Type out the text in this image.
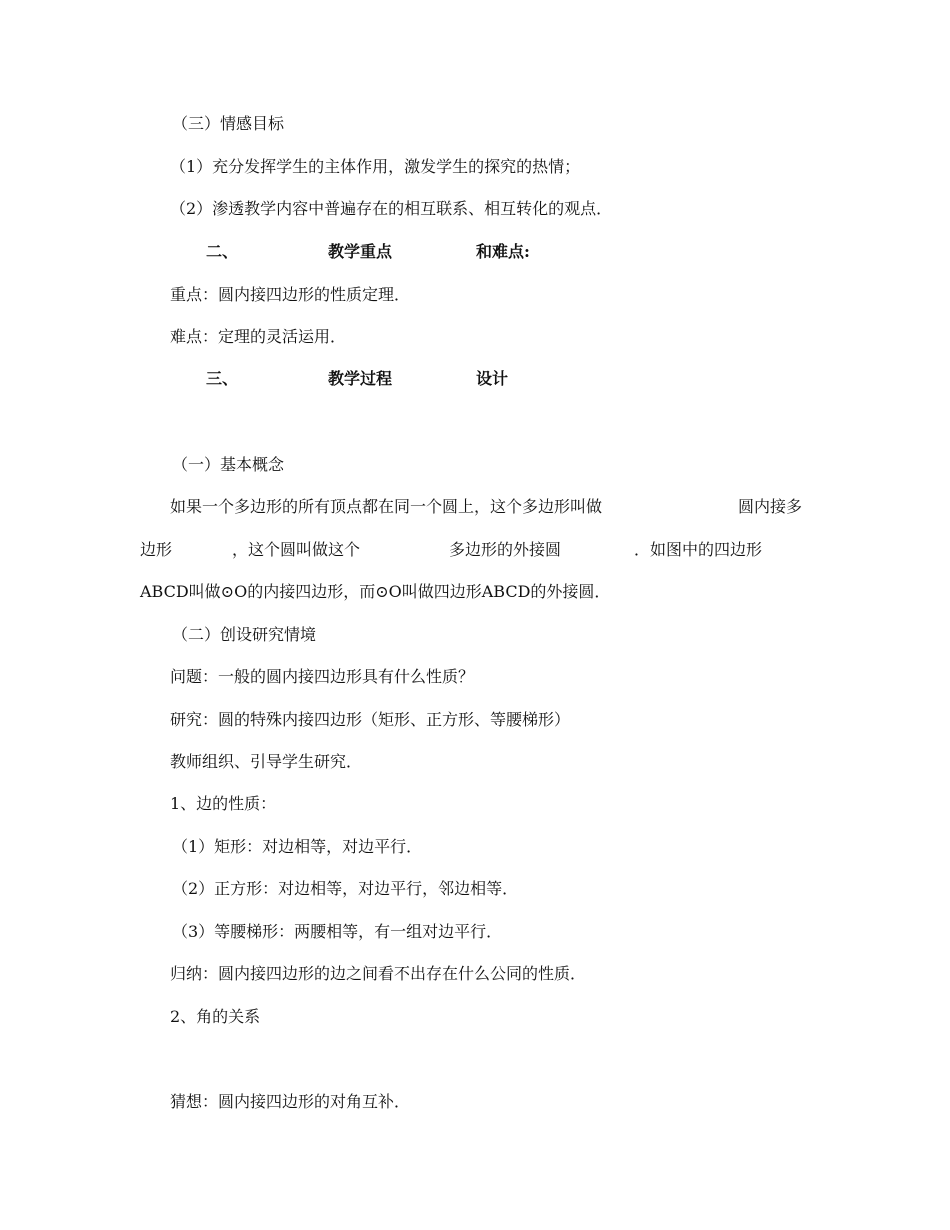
（三）情感目标
（1）充分发挥学生的主体作用，激发学生的探究的热情；
（2）渗透教学内容中普遍存在的相互联系、相互转化的观点．
二、	教学重点	和难点:
重点：圆内接四边形的性质定理．
难点：定理的灵活运用．
三、	教学过程	设计
（一）基本概念
如果一个多边形的所有顶点都在同一个圆上，这个多边形叫做	圆内接多
边形	，这个圆叫做这个	多边形的外接圆	．如图中的四边形
ABCD叫做⊙O的内接四边形，而⊙O叫做四边形ABCD的外接圆．
（二）创设研究情境
问题：一般的圆内接四边形具有什么性质？
研究：圆的特殊内接四边形（矩形、正方形、等腰梯形）
教师组织、引导学生研究．
1、边的性质：
（1）矩形：对边相等，对边平行．
（2）正方形：对边相等，对边平行，邻边相等．
（3）等腰梯形：两腰相等，有一组对边平行．
归纳：圆内接四边形的边之间看不出存在什么公同的性质．
2、角的关系
猜想：圆内接四边形的对角互补．
